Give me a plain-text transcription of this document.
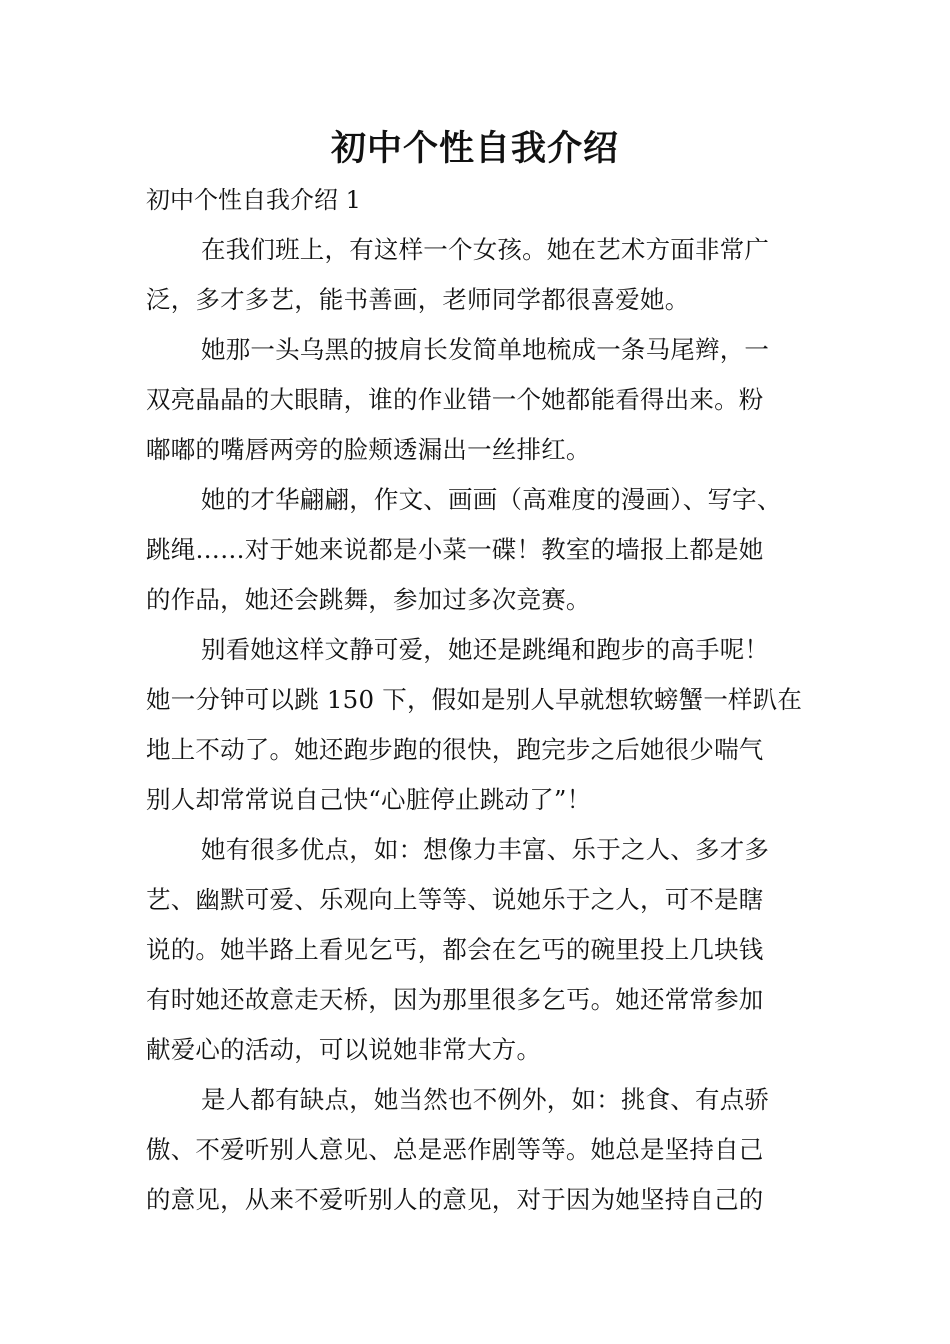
初中个性自我介绍
初中个性自我介绍 1
在我们班上，有这样一个女孩。她在艺术方面非常广
泛，多才多艺，能书善画，老师同学都很喜爱她。
她那一头乌黑的披肩长发简单地梳成一条马尾辫，一
双亮晶晶的大眼睛，谁的作业错一个她都能看得出来。粉
嘟嘟的嘴唇两旁的脸颊透漏出一丝排红。
她的才华翩翩，作文、画画（高难度的漫画）、写字、
跳绳……对于她来说都是小菜一碟！教室的墙报上都是她
的作品，她还会跳舞，参加过多次竞赛。
别看她这样文静可爱，她还是跳绳和跑步的高手呢！
她一分钟可以跳 150 下，假如是别人早就想软螃蟹一样趴在
地上不动了。她还跑步跑的很快，跑完步之后她很少喘气
别人却常常说自己快“心脏停止跳动了”！
她有很多优点，如：想像力丰富、乐于之人、多才多
艺、幽默可爱、乐观向上等等、说她乐于之人，可不是瞎
说的。她半路上看见乞丐，都会在乞丐的碗里投上几块钱
有时她还故意走天桥，因为那里很多乞丐。她还常常参加
献爱心的活动，可以说她非常大方。
是人都有缺点，她当然也不例外，如：挑食、有点骄
傲、不爱听别人意见、总是恶作剧等等。她总是坚持自己
的意见，从来不爱听别人的意见，对于因为她坚持自己的
